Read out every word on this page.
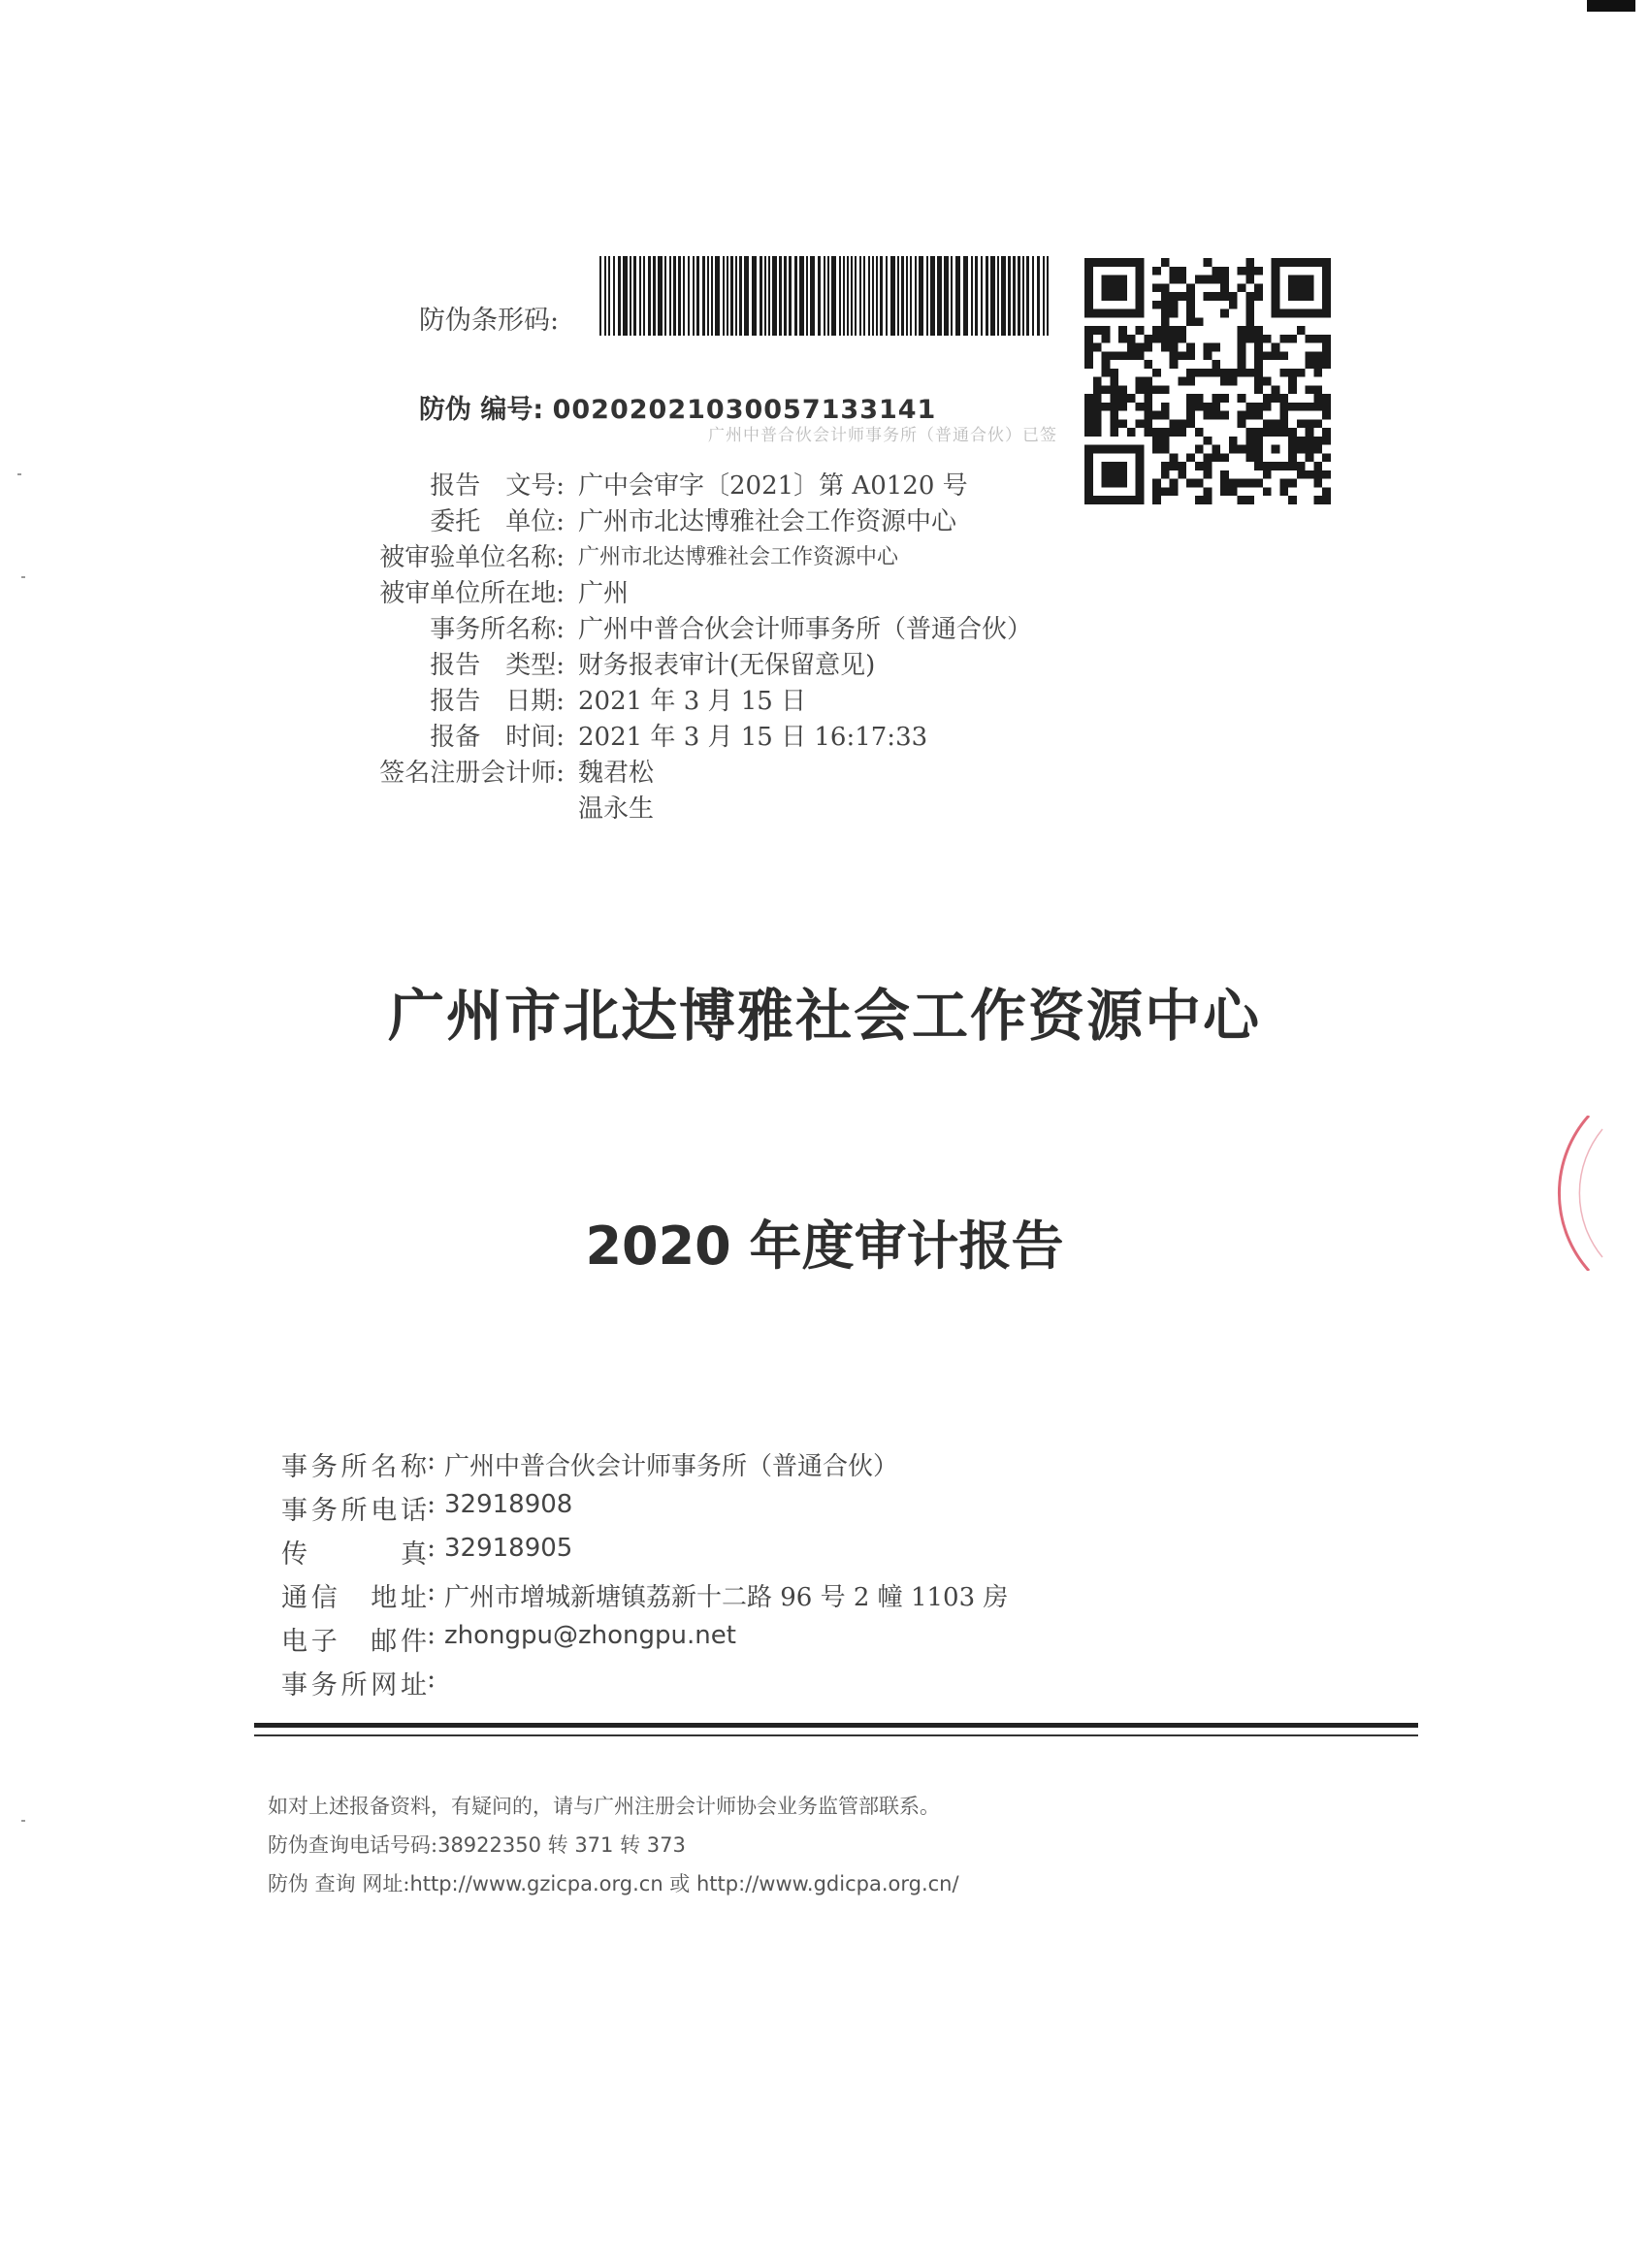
防伪条形码:
防伪 编号: 00202021030057133141
广州中普合伙会计师事务所（普通合伙）已签
报告　文号: 广中会审字〔2021〕第 A0120 号
委托　单位: 广州市北达博雅社会工作资源中心
被审验单位名称: 广州市北达博雅社会工作资源中心
被审单位所在地: 广州
事务所名称: 广州中普合伙会计师事务所（普通合伙）
报告　类型: 财务报表审计(无保留意见)
报告　日期: 2021 年 3 月 15 日
报备　时间: 2021 年 3 月 15 日 16:17:33
签名注册会计师: 魏君松
温永生
广州市北达博雅社会工作资源中心
2020 年度审计报告
事务所名称 : 广州中普合伙会计师事务所（普通合伙）
事务所电话 : 32918908
传　　真 : 32918905
通信　地址 : 广州市增城新塘镇荔新十二路 96 号 2 幢 1103 房
电子　邮件 : zhongpu@zhongpu.net
事务所网址 :
如对上述报备资料，有疑问的，请与广州注册会计师协会业务监管部联系。
防伪查询电话号码:38922350 转 371 转 373
防伪 查询 网址:http://www.gzicpa.org.cn 或 http://www.gdicpa.org.cn/
